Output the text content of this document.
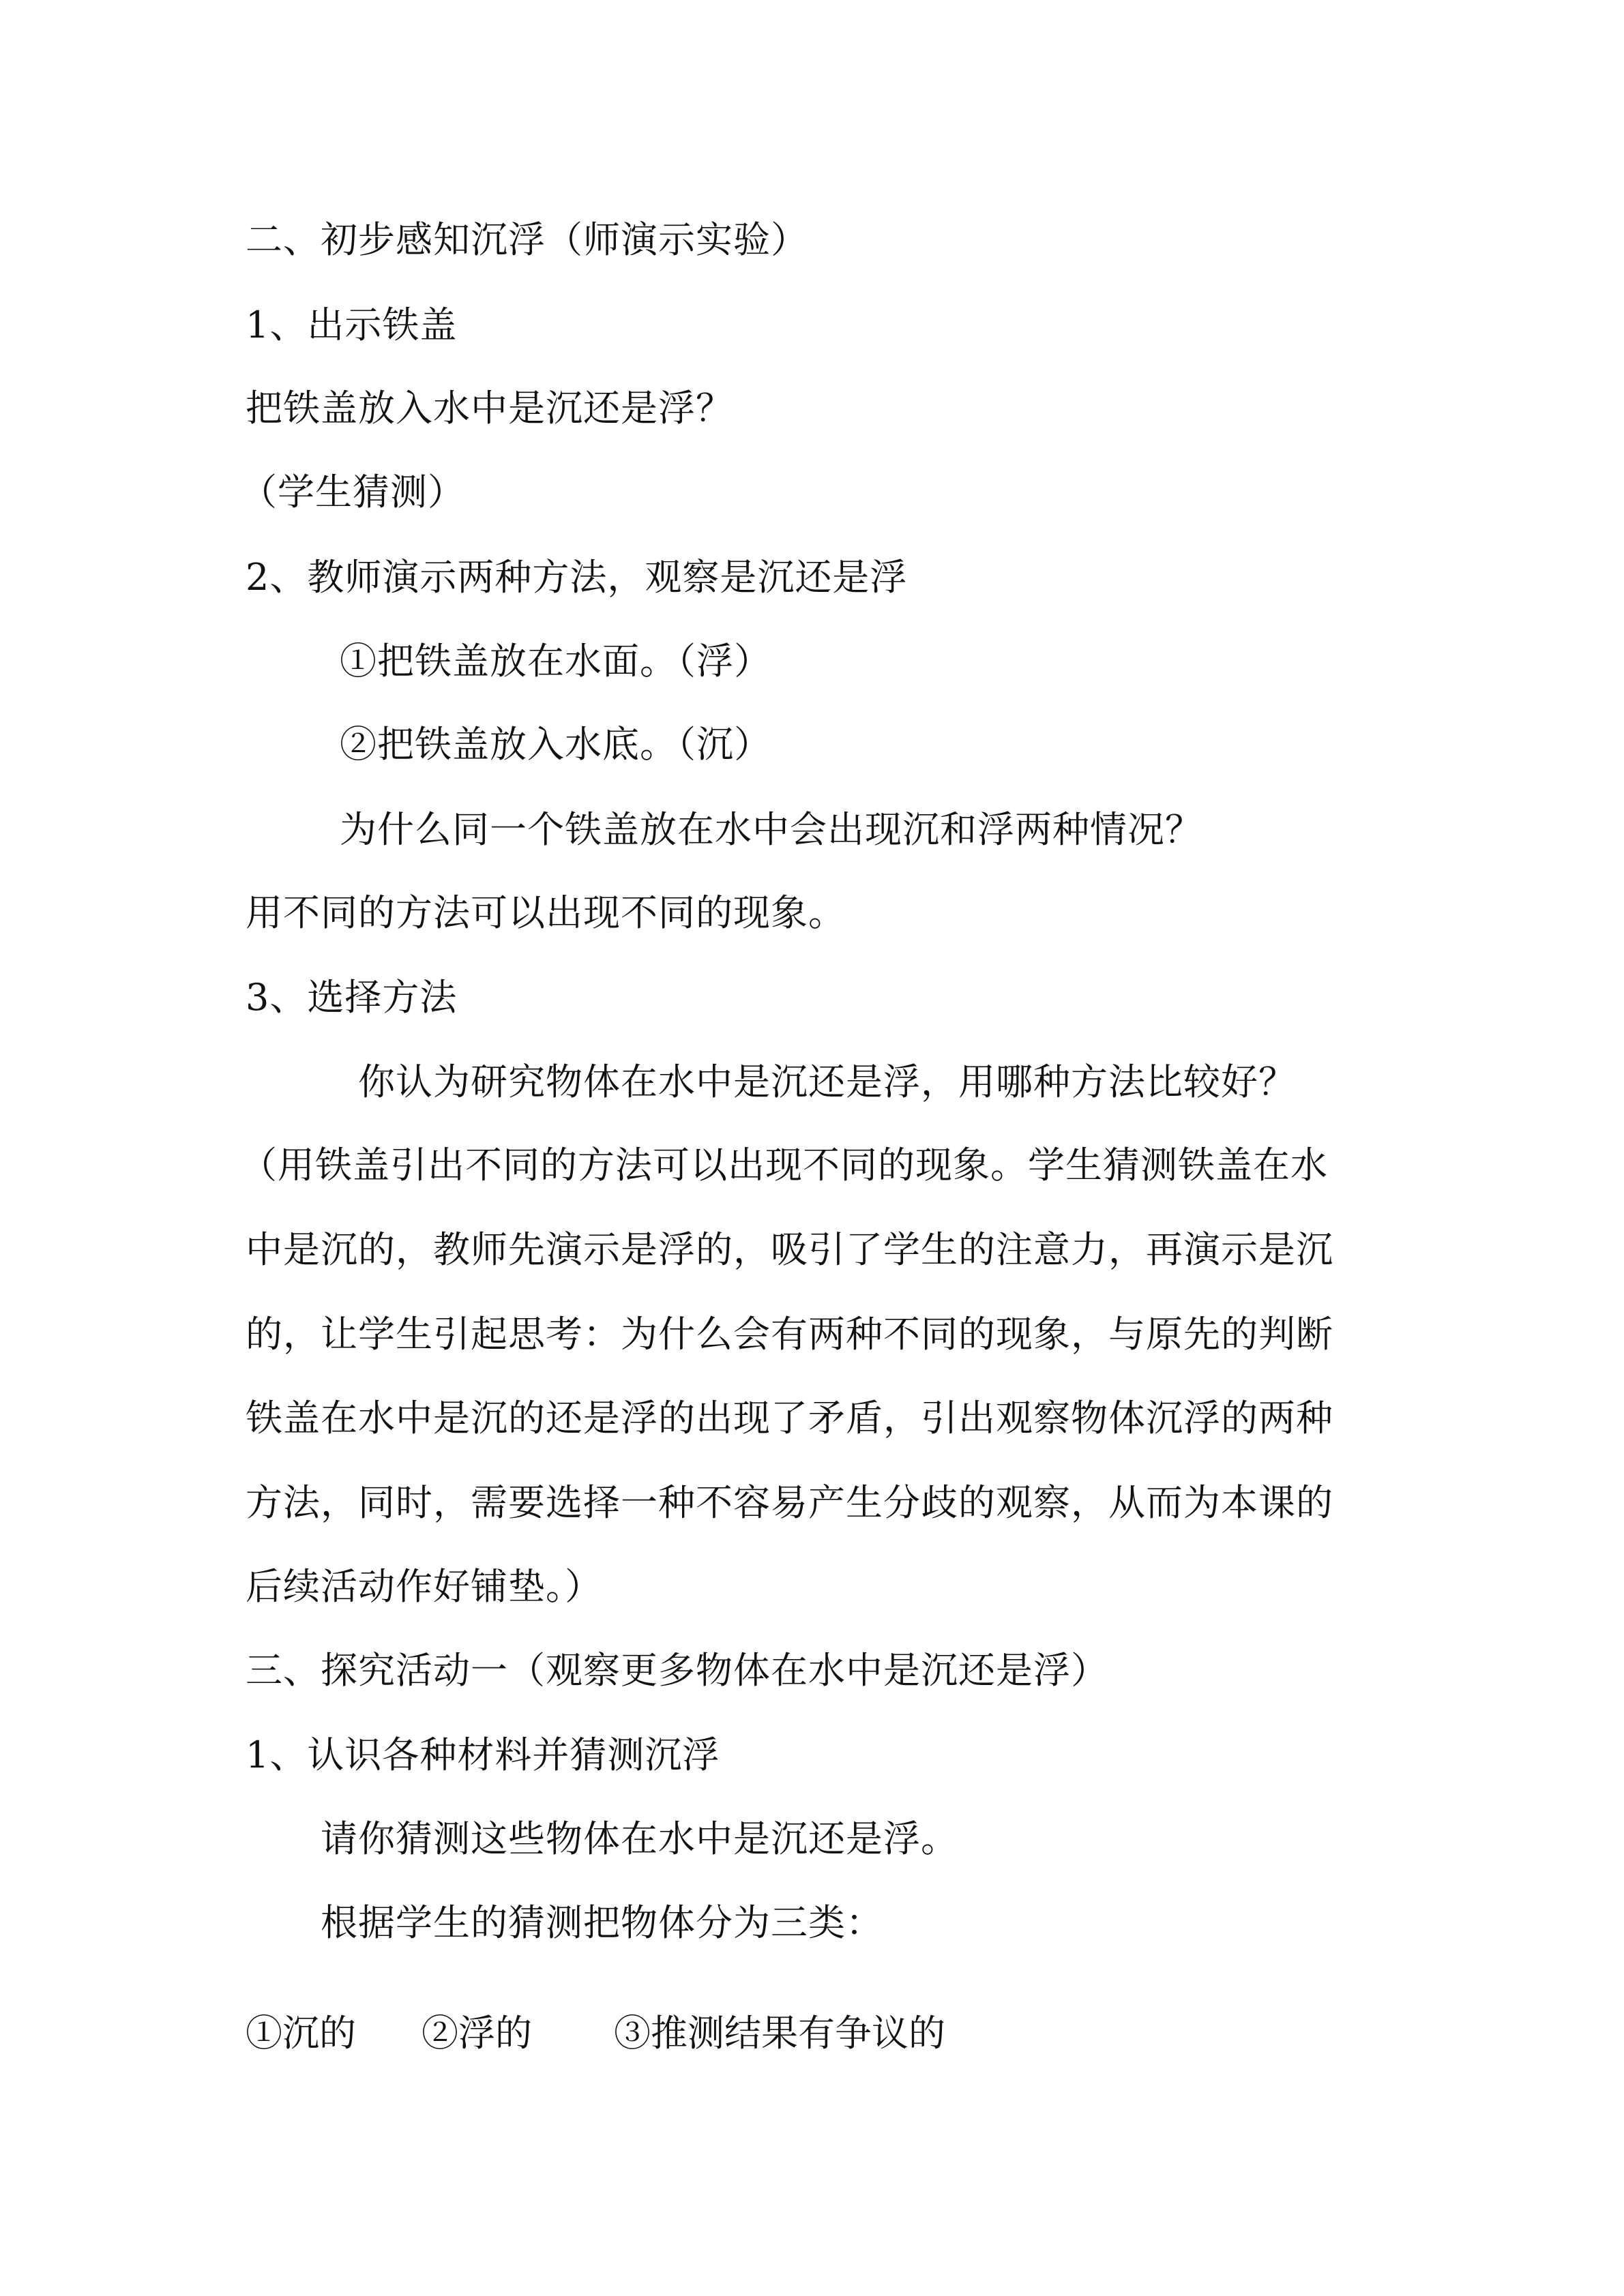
二、初步感知沉浮（师演示实验）
1、出示铁盖
把铁盖放入水中是沉还是浮？
（学生猜测）
2、教师演示两种方法，观察是沉还是浮
①把铁盖放在水面。（浮）
②把铁盖放入水底。（沉）
为什么同一个铁盖放在水中会出现沉和浮两种情况？
用不同的方法可以出现不同的现象。
3、选择方法
你认为研究物体在水中是沉还是浮，用哪种方法比较好？
（用铁盖引出不同的方法可以出现不同的现象。学生猜测铁盖在水
中是沉的，教师先演示是浮的，吸引了学生的注意力，再演示是沉
的，让学生引起思考：为什么会有两种不同的现象，与原先的判断
铁盖在水中是沉的还是浮的出现了矛盾，引出观察物体沉浮的两种
方法，同时，需要选择一种不容易产生分歧的观察，从而为本课的
后续活动作好铺垫。）
三、探究活动一（观察更多物体在水中是沉还是浮）
1、认识各种材料并猜测沉浮
请你猜测这些物体在水中是沉还是浮。
根据学生的猜测把物体分为三类：
①沉的 ②浮的 ③推测结果有争议的
